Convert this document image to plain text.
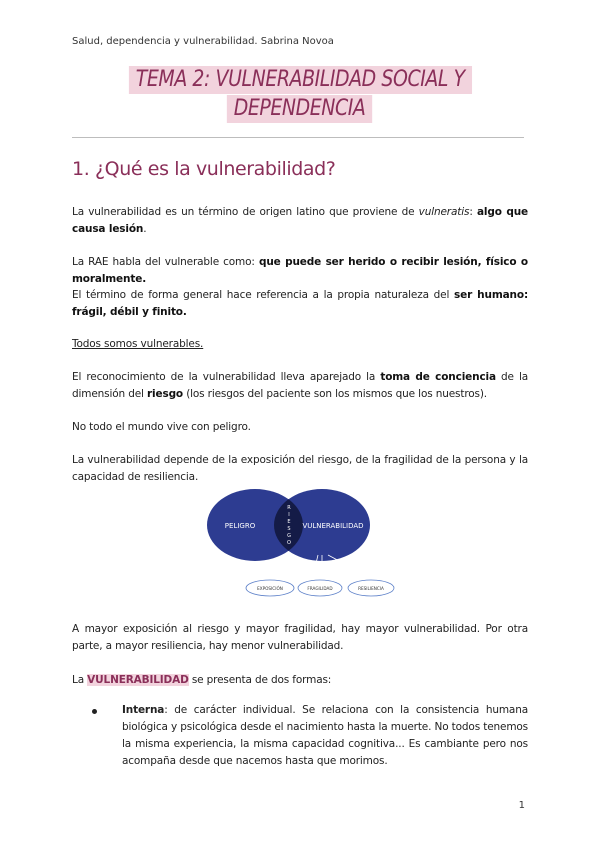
Salud, dependencia y vulnerabilidad. Sabrina Novoa
TEMA 2: VULNERABILIDAD SOCIAL Y
DEPENDENCIA
1. ¿Qué es la vulnerabilidad?

La vulnerabilidad es un término de origen latino que proviene de vulneratis: algo que causa lesión.

La RAE habla del vulnerable como: que puede ser herido o recibir lesión, físico o moralmente.

El término de forma general hace referencia a la propia naturaleza del ser humano: frágil, débil y finito.

Todos somos vulnerables.

El reconocimiento de la vulnerabilidad lleva aparejado la toma de conciencia de la dimensión del riesgo (los riesgos del paciente son los mismos que los nuestros).

No todo el mundo vive con peligro.

La vulnerabilidad depende de la exposición del riesgo, de la fragilidad de la persona y la capacidad de resiliencia.

PELIGRO	VULNERABILIDAD
R
I
E
S
G
O
EXPOSICIÓN	FRAGILIDAD	RESILIENCIA

A mayor exposición al riesgo y mayor fragilidad, hay mayor vulnerabilidad. Por otra parte, a mayor resiliencia, hay menor vulnerabilidad.

La VULNERABILIDAD se presenta de dos formas:

Interna: de carácter individual. Se relaciona con la consistencia humana biológica y psicológica desde el nacimiento hasta la muerte. No todos tenemos la misma experiencia, la misma capacidad cognitiva... Es cambiante pero nos acompaña desde que nacemos hasta que morimos.
1
